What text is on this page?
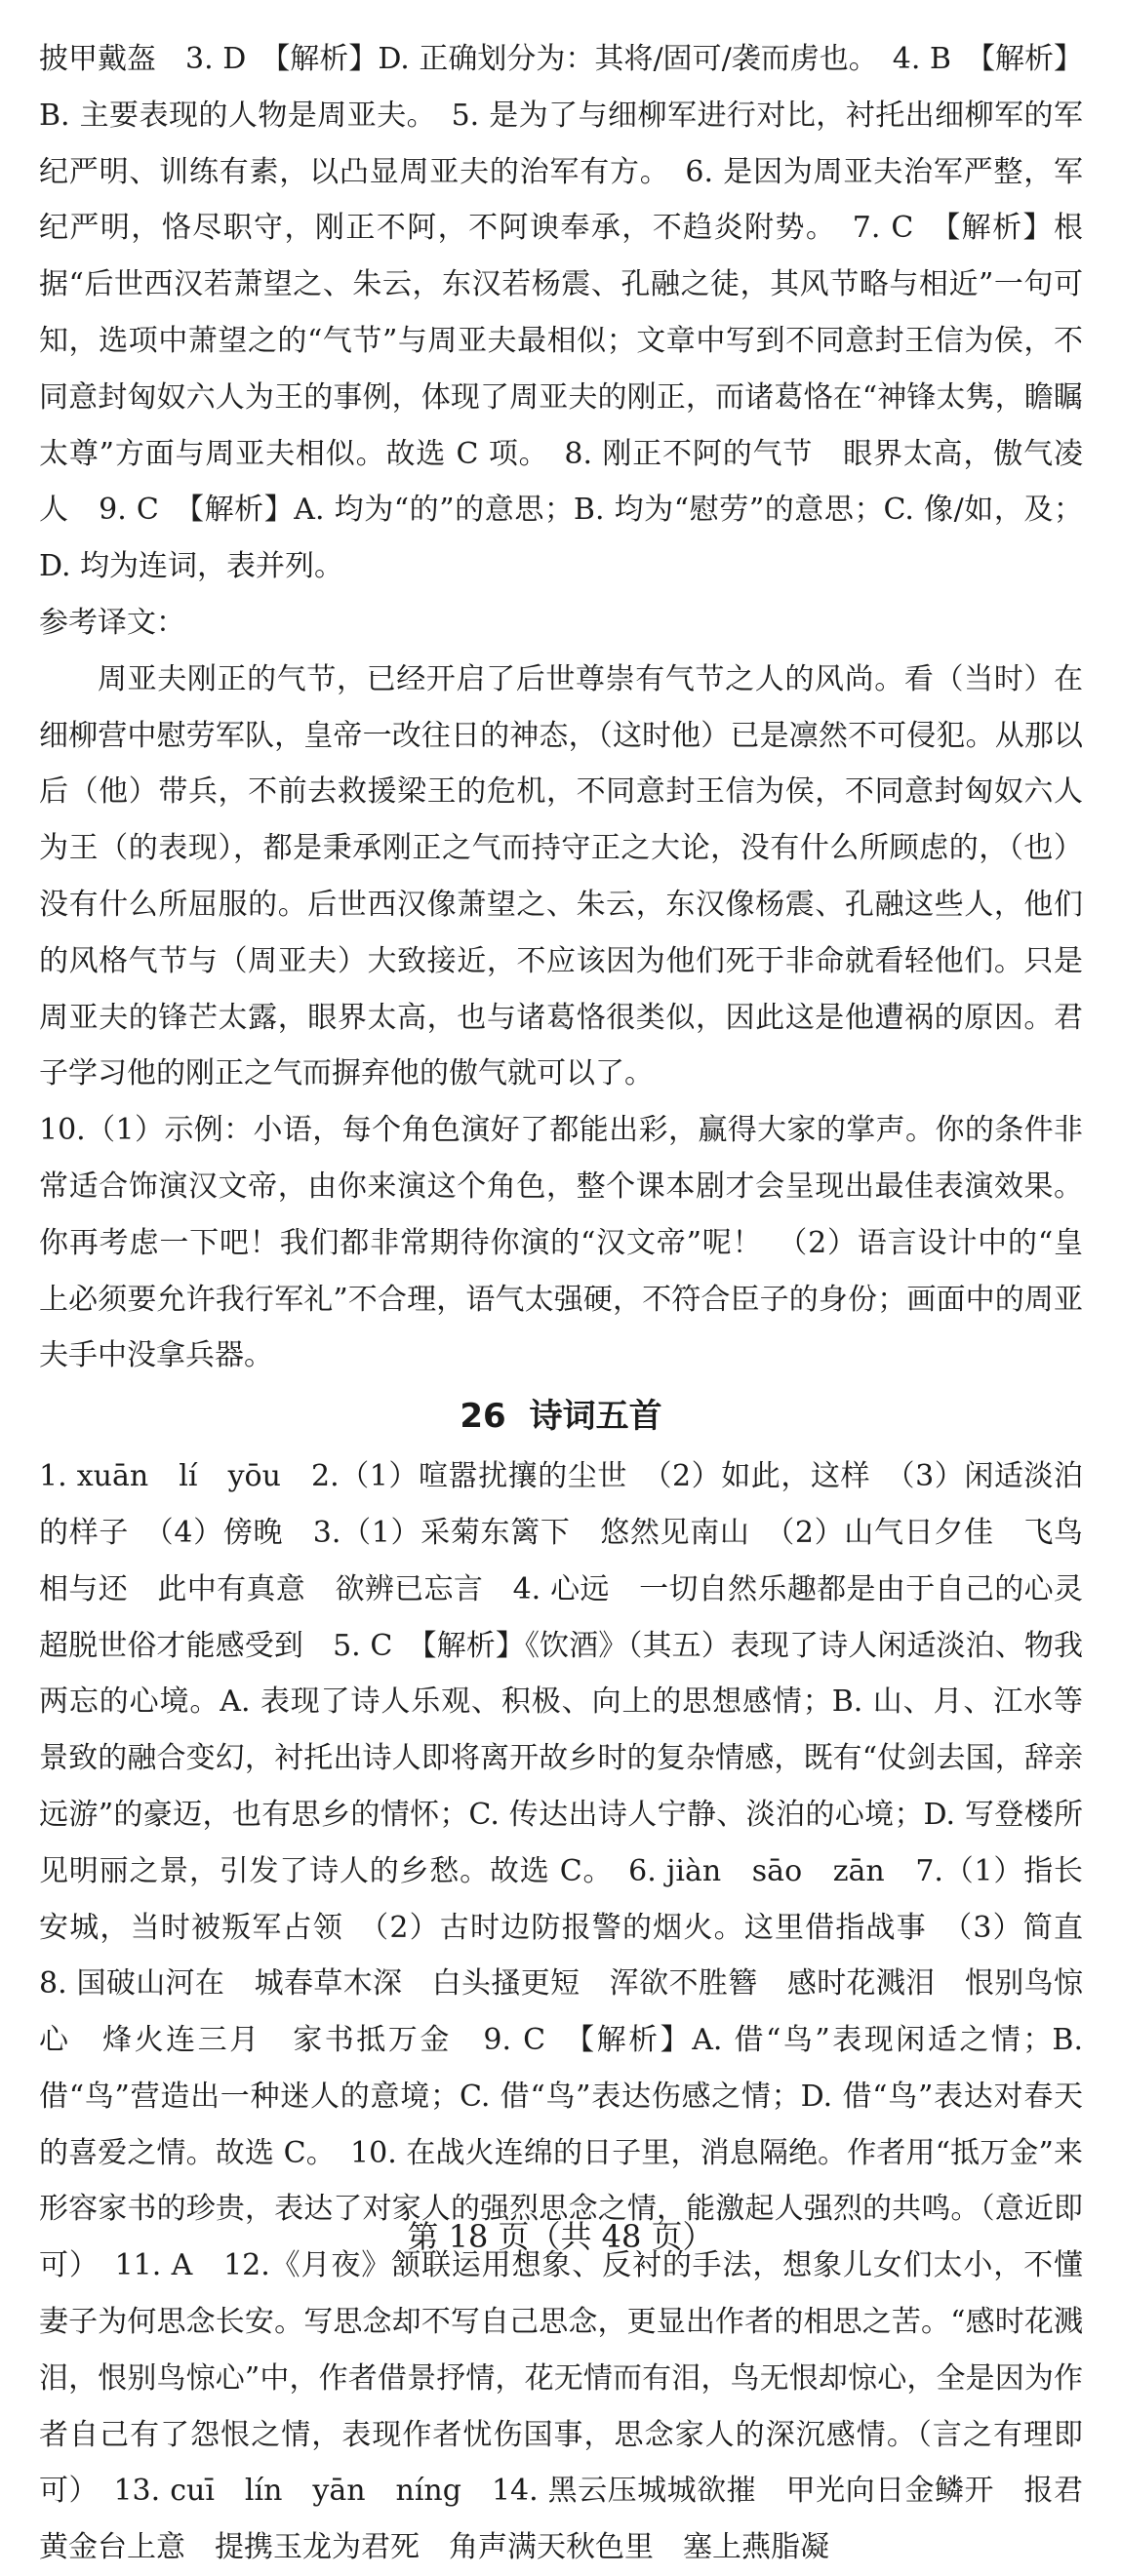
披甲戴盔　3. D　【解析】D. 正确划分为：其将/固可/袭而虏也。　4. B　【解析】B. 主要表现的人物是周亚夫。　5. 是为了与细柳军进行对比，衬托出细柳军的军纪严明、训练有素，以凸显周亚夫的治军有方。　6. 是因为周亚夫治军严整，军纪严明，恪尽职守，刚正不阿，不阿谀奉承，不趋炎附势。　7. C　【解析】根据“后世西汉若萧望之、朱云，东汉若杨震、孔融之徒，其风节略与相近”一句可知，选项中萧望之的“气节”与周亚夫最相似；文章中写到不同意封王信为侯，不同意封匈奴六人为王的事例，体现了周亚夫的刚正，而诸葛恪在“神锋太隽，瞻瞩太尊”方面与周亚夫相似。故选 C 项。　8. 刚正不阿的气节　眼界太高，傲气凌人　9. C　【解析】A. 均为“的”的意思；B. 均为“慰劳”的意思；C. 像/如，及；D. 均为连词，表并列。

参考译文：

周亚夫刚正的气节，已经开启了后世尊崇有气节之人的风尚。看（当时）在细柳营中慰劳军队，皇帝一改往日的神态，（这时他）已是凛然不可侵犯。从那以后（他）带兵，不前去救援梁王的危机，不同意封王信为侯，不同意封匈奴六人为王（的表现），都是秉承刚正之气而持守正之大论，没有什么所顾虑的，（也）没有什么所屈服的。后世西汉像萧望之、朱云，东汉像杨震、孔融这些人，他们的风格气节与（周亚夫）大致接近，不应该因为他们死于非命就看轻他们。只是周亚夫的锋芒太露，眼界太高，也与诸葛恪很类似，因此这是他遭祸的原因。君子学习他的刚正之气而摒弃他的傲气就可以了。

10.（1）示例：小语，每个角色演好了都能出彩，赢得大家的掌声。你的条件非常适合饰演汉文帝，由你来演这个角色，整个课本剧才会呈现出最佳表演效果。你再考虑一下吧！我们都非常期待你演的“汉文帝”呢！　（2）语言设计中的“皇上必须要允许我行军礼”不合理，语气太强硬，不符合臣子的身份；画面中的周亚夫手中没拿兵器。

26 诗词五首

1. xuān　lí　yōu　2.（1）喧嚣扰攘的尘世　（2）如此，这样　（3）闲适淡泊的样子　（4）傍晚　3.（1）采菊东篱下　悠然见南山　（2）山气日夕佳　飞鸟相与还　此中有真意　欲辨已忘言　4. 心远　一切自然乐趣都是由于自己的心灵超脱世俗才能感受到　5. C　【解析】《饮酒》（其五）表现了诗人闲适淡泊、物我两忘的心境。A. 表现了诗人乐观、积极、向上的思想感情；B. 山、月、江水等景致的融合变幻，衬托出诗人即将离开故乡时的复杂情感，既有“仗剑去国，辞亲远游”的豪迈，也有思乡的情怀；C. 传达出诗人宁静、淡泊的心境；D. 写登楼所见明丽之景，引发了诗人的乡愁。故选 C。　6. jiàn　sāo　zān　7.（1）指长安城，当时被叛军占领　（2）古时边防报警的烟火。这里借指战事　（3）简直　8. 国破山河在　城春草木深　白头搔更短　浑欲不胜簪　感时花溅泪　恨别鸟惊心　烽火连三月　家书抵万金　9. C　【解析】A. 借“鸟”表现闲适之情；B. 借“鸟”营造出一种迷人的意境；C. 借“鸟”表达伤感之情；D. 借“鸟”表达对春天的喜爱之情。故选 C。　10. 在战火连绵的日子里，消息隔绝。作者用“抵万金”来形容家书的珍贵，表达了对家人的强烈思念之情，能激起人强烈的共鸣。（意近即可）　11. A　12.《月夜》颔联运用想象、反衬的手法，想象儿女们太小，不懂妻子为何思念长安。写思念却不写自己思念，更显出作者的相思之苦。“感时花溅泪，恨别鸟惊心”中，作者借景抒情，花无情而有泪，鸟无恨却惊心，全是因为作者自己有了怨恨之情，表现作者忧伤国事，思念家人的深沉感情。（言之有理即可）　13. cuī　lín　yān　níng　14. 黑云压城城欲摧　甲光向日金鳞开　报君黄金台上意　提携玉龙为君死　角声满天秋色里　塞上燕脂凝

第 18 页（共 48 页）
